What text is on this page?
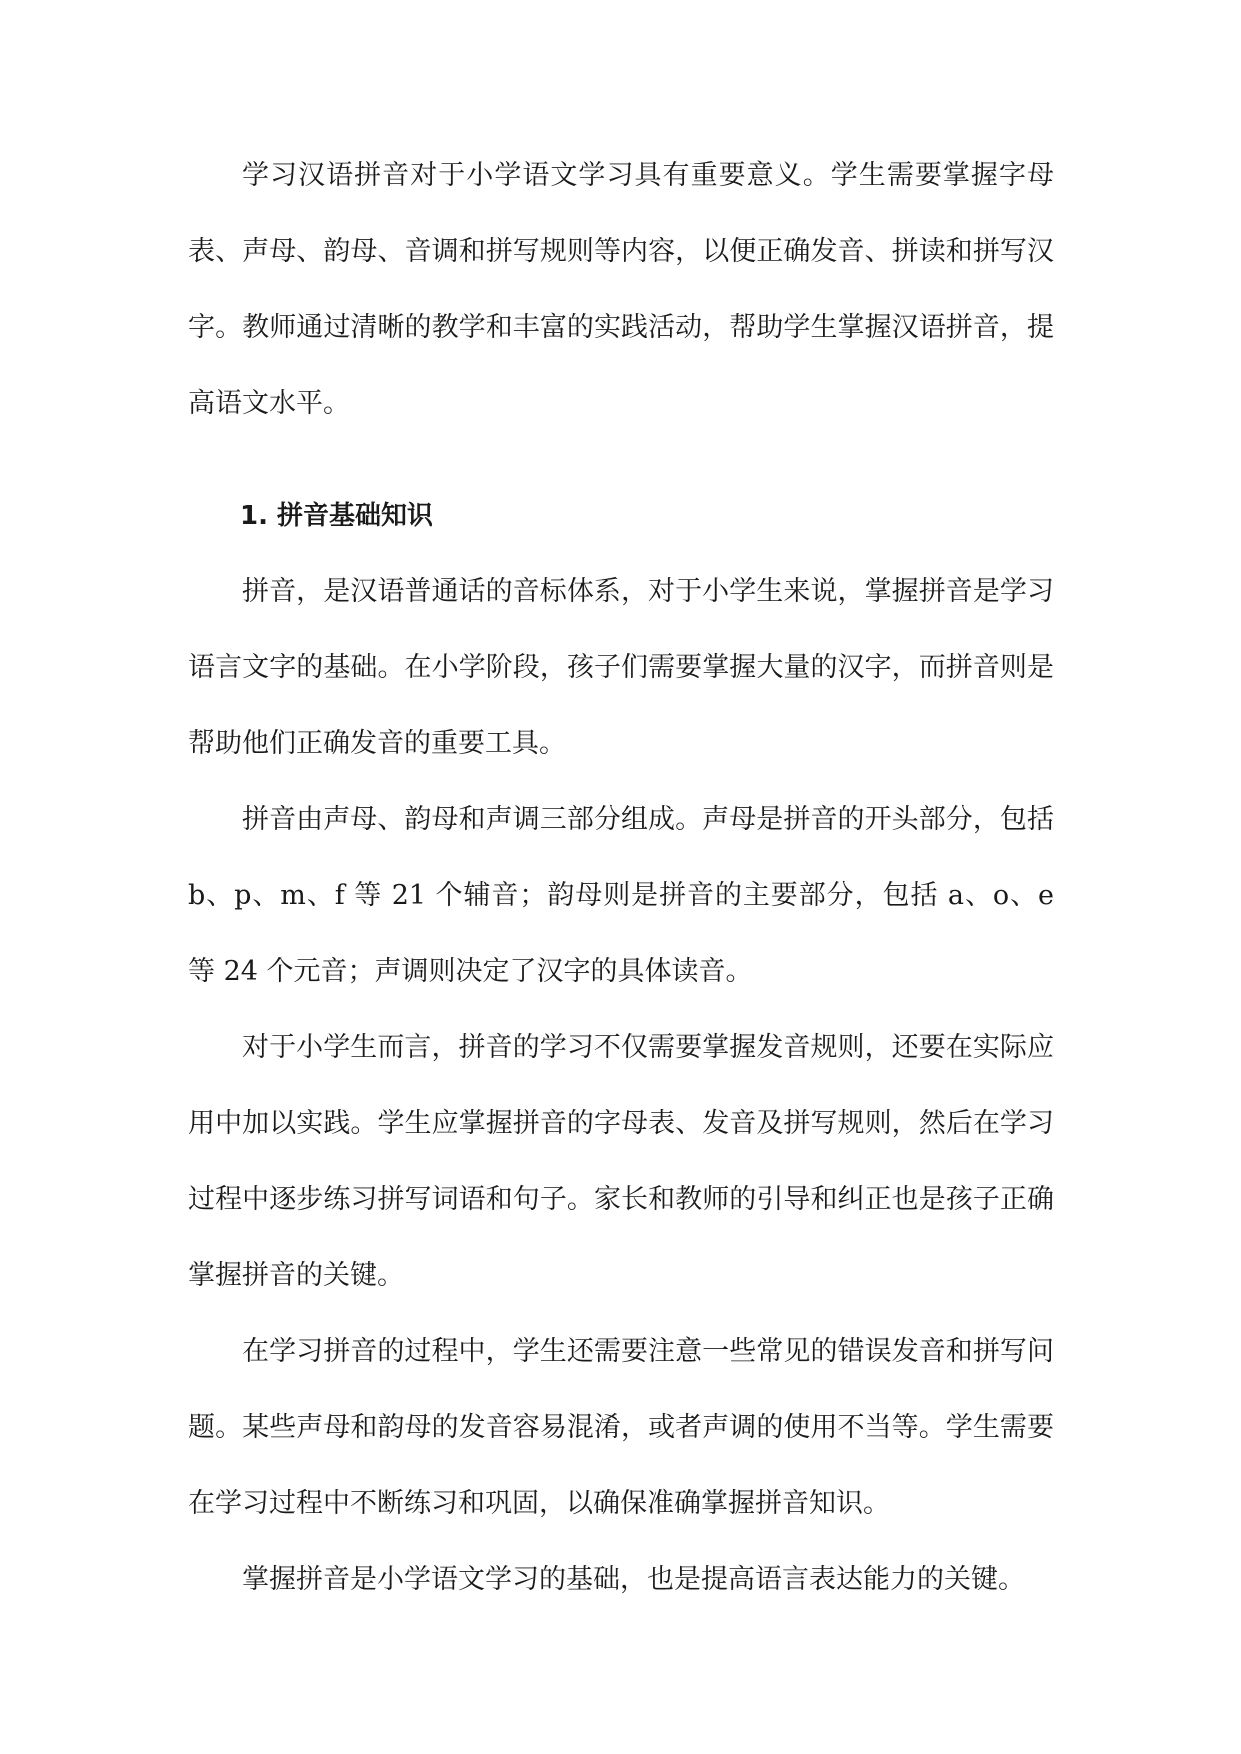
学习汉语拼音对于小学语文学习具有重要意义。学生需要掌握字母表、声母、韵母、音调和拼写规则等内容，以便正确发音、拼读和拼写汉字。教师通过清晰的教学和丰富的实践活动，帮助学生掌握汉语拼音，提高语文水平。

1. 拼音基础知识

拼音，是汉语普通话的音标体系，对于小学生来说，掌握拼音是学习语言文字的基础。在小学阶段，孩子们需要掌握大量的汉字，而拼音则是帮助他们正确发音的重要工具。

拼音由声母、韵母和声调三部分组成。声母是拼音的开头部分，包括 b、p、m、f 等 21 个辅音；韵母则是拼音的主要部分，包括 a、o、e 等 24 个元音；声调则决定了汉字的具体读音。

对于小学生而言，拼音的学习不仅需要掌握发音规则，还要在实际应用中加以实践。学生应掌握拼音的字母表、发音及拼写规则，然后在学习过程中逐步练习拼写词语和句子。家长和教师的引导和纠正也是孩子正确掌握拼音的关键。

在学习拼音的过程中，学生还需要注意一些常见的错误发音和拼写问题。某些声母和韵母的发音容易混淆，或者声调的使用不当等。学生需要在学习过程中不断练习和巩固，以确保准确掌握拼音知识。

掌握拼音是小学语文学习的基础，也是提高语言表达能力的关键。
